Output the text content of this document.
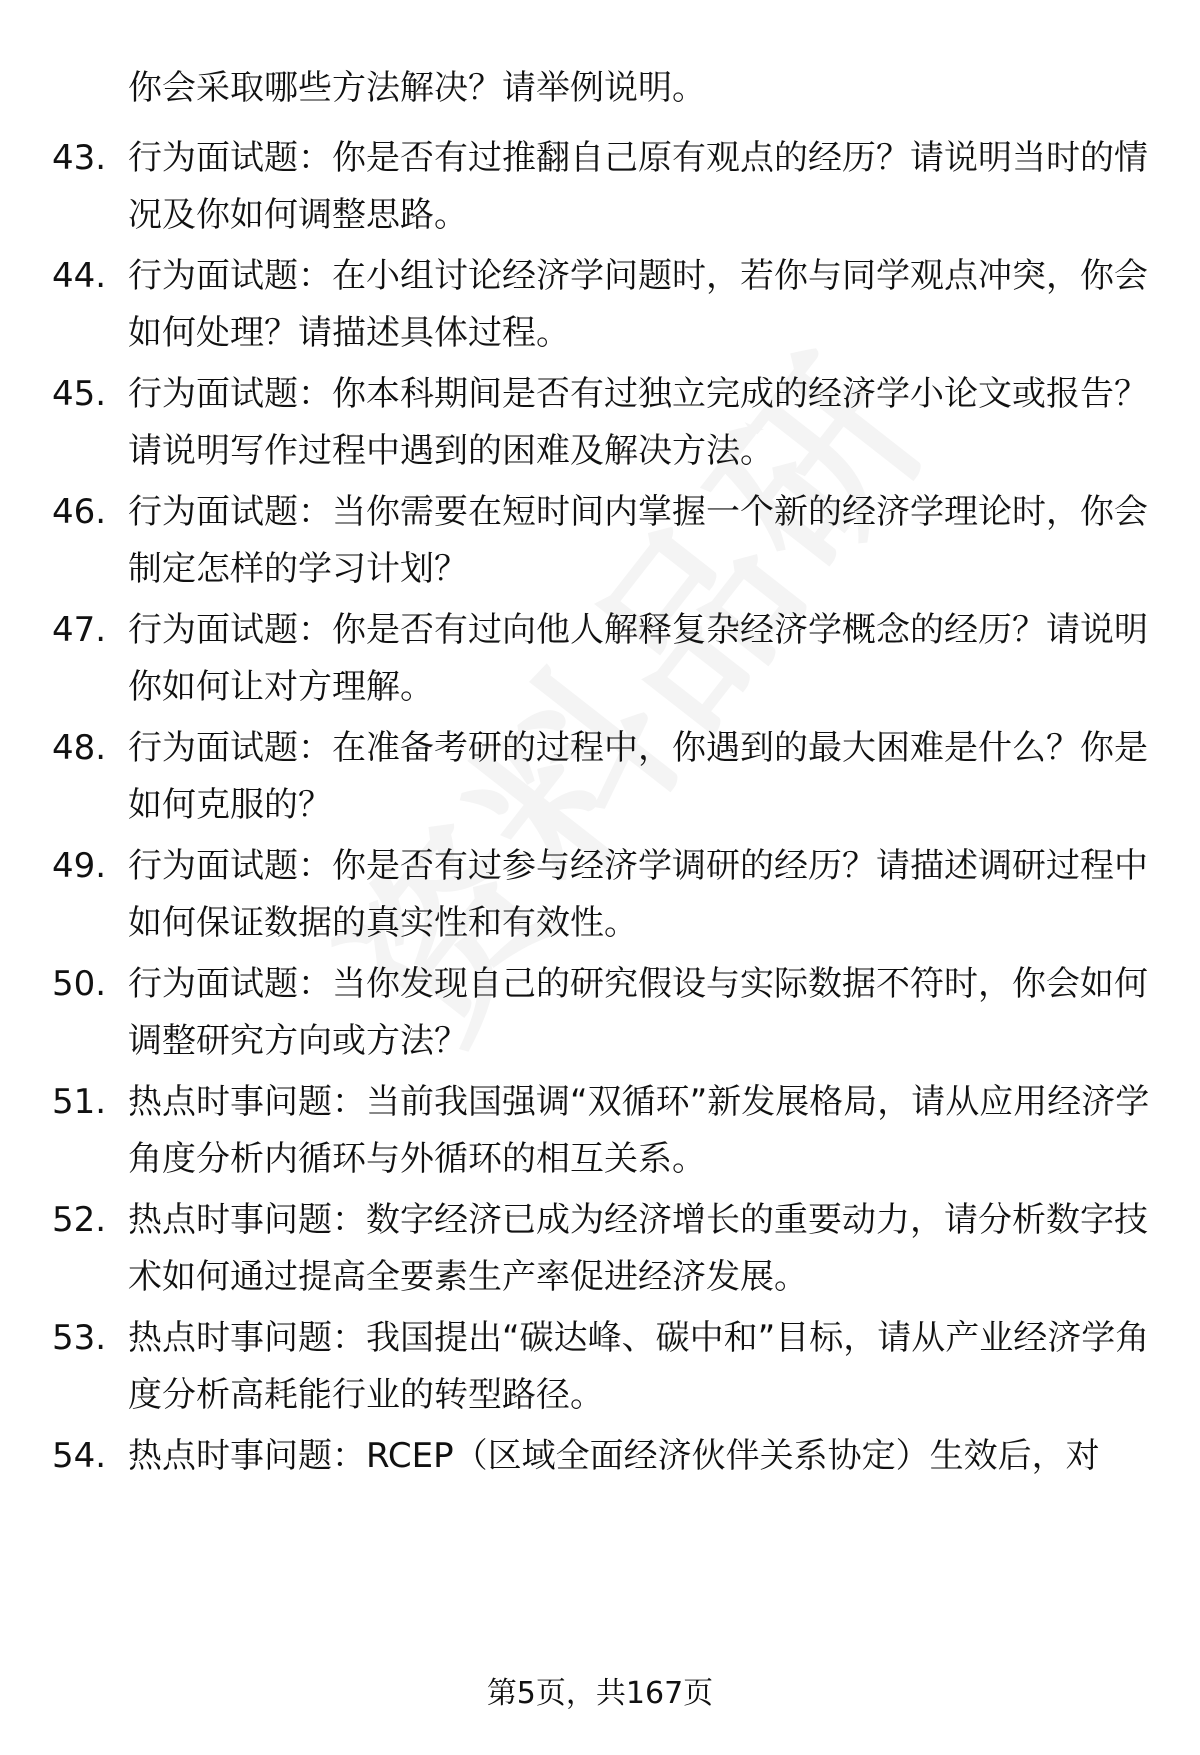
你会采取哪些方法解决？请举例说明。
43. 行为面试题：你是否有过推翻自己原有观点的经历？请说明当时的情况及你如何调整思路。
44. 行为面试题：在小组讨论经济学问题时，若你与同学观点冲突，你会如何处理？请描述具体过程。
45. 行为面试题：你本科期间是否有过独立完成的经济学小论文或报告？请说明写作过程中遇到的困难及解决方法。
46. 行为面试题：当你需要在短时间内掌握一个新的经济学理论时，你会制定怎样的学习计划？
47. 行为面试题：你是否有过向他人解释复杂经济学概念的经历？请说明你如何让对方理解。
48. 行为面试题：在准备考研的过程中，你遇到的最大困难是什么？你是如何克服的？
49. 行为面试题：你是否有过参与经济学调研的经历？请描述调研过程中如何保证数据的真实性和有效性。
50. 行为面试题：当你发现自己的研究假设与实际数据不符时，你会如何调整研究方向或方法？
51. 热点时事问题：当前我国强调“双循环”新发展格局，请从应用经济学角度分析内循环与外循环的相互关系。
52. 热点时事问题：数字经济已成为经济增长的重要动力，请分析数字技术如何通过提高全要素生产率促进经济发展。
53. 热点时事问题：我国提出“碳达峰、碳中和”目标，请从产业经济学角度分析高耗能行业的转型路径。
54. 热点时事问题：RCEP（区域全面经济伙伴关系协定）生效后，对
第5页，共167页
